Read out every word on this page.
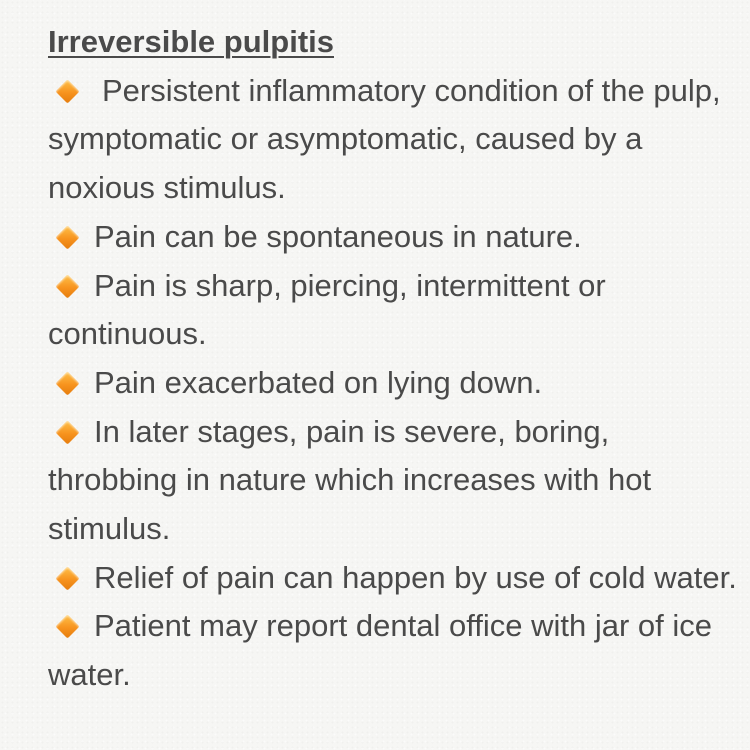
Irreversible pulpitis

Persistent inflammatory condition of the pulp, symptomatic or asymptomatic, caused by a noxious stimulus.

Pain can be spontaneous in nature.

Pain is sharp, piercing, intermittent or continuous.

Pain exacerbated on lying down.

In later stages, pain is severe, boring, throbbing in nature which increases with hot stimulus.

Relief of pain can happen by use of cold water.

Patient may report dental office with jar of ice water.
